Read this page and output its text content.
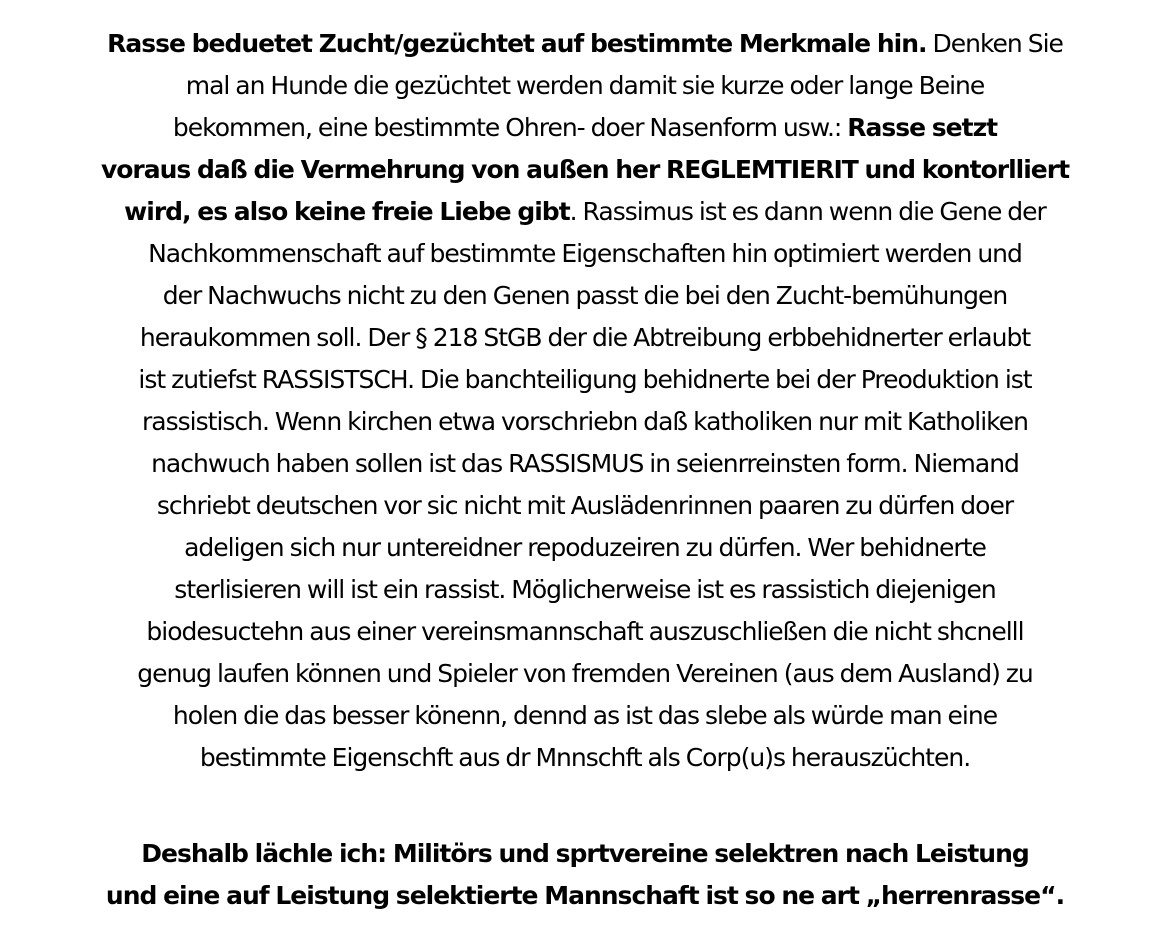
Rasse beduetet Zucht/gezüchtet auf bestimmte Merkmale hin. Denken Sie
mal an Hunde die gezüchtet werden damit sie kurze oder lange Beine
bekommen, eine bestimmte Ohren- doer Nasenform usw.: Rasse setzt
voraus daß die Vermehrung von außen her REGLEMTIERIT und kontorlliert
wird, es also keine freie Liebe gibt. Rassimus ist es dann wenn die Gene der
Nachkommenschaft auf bestimmte Eigenschaften hin optimiert werden und
der Nachwuchs nicht zu den Genen passt die bei den Zucht-bemühungen
heraukommen soll. Der § 218 StGB der die Abtreibung erbbehidnerter erlaubt
ist zutiefst RASSISTSCH. Die banchteiligung behidnerte bei der Preoduktion ist
rassistisch. Wenn kirchen etwa vorschriebn daß katholiken nur mit Katholiken
nachwuch haben sollen ist das RASSISMUS in seienrreinsten form. Niemand
schriebt deutschen vor sic nicht mit Auslädenrinnen paaren zu dürfen doer
adeligen sich nur untereidner repoduzeiren zu dürfen. Wer behidnerte
sterlisieren will ist ein rassist. Möglicherweise ist es rassistich diejenigen
biodesuctehn aus einer vereinsmannschaft auszuschließen die nicht shcnelll
genug laufen können und Spieler von fremden Vereinen (aus dem Ausland) zu
holen die das besser könenn, dennd as ist das slebe als würde man eine
bestimmte Eigenschft aus dr Mnnschft als Corp(u)s herauszüchten.
Deshalb lächle ich: Militörs und sprtvereine selektren nach Leistung
und eine auf Leistung selektierte Mannschaft ist so ne art „herrenrasse“.
